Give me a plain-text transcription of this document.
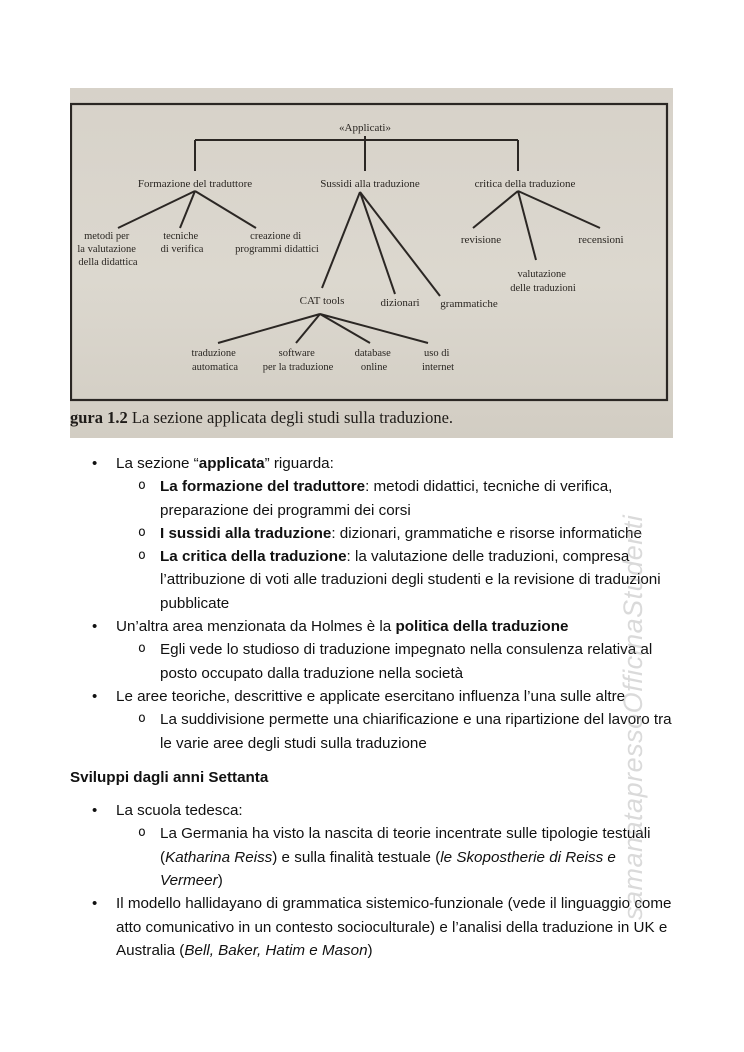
«Applicati»
Formazione del traduttore	Sussidi alla traduzione	critica della traduzione
metodi per la valutazione della didattica
tecniche di verifica
creazione di programmi didattici
CAT tools	dizionari grammatiche
revisione
valutazione delle traduzioni
recensioni
traduzione automatica
software per la traduzione
database online
uso di internet
gura 1.2 La sezione applicata degli studi sulla traduzione.
• La sezione “applicata” riguarda:
o La formazione del traduttore: metodi didattici, tecniche di verifica, preparazione dei programmi dei corsi
o I sussidi alla traduzione: dizionari, grammatiche e risorse informatiche
o La critica della traduzione: la valutazione delle traduzioni, compresa l’attribuzione di voti alle traduzioni degli studenti e la revisione di traduzioni pubblicate
• Un’altra area menzionata da Holmes è la politica della traduzione
o Egli vede lo studioso di traduzione impegnato nella consulenza relativa al posto occupato dalla traduzione nella società
• Le aree teoriche, descrittive e applicate esercitano influenza l’una sulle altre
o La suddivisione permette una chiarificazione e una ripartizione del lavoro tra le varie aree degli studi sulla traduzione
Sviluppi dagli anni Settanta
• La scuola tedesca:
o La Germania ha visto la nascita di teorie incentrate sulle tipologie testuali (Katharina Reiss) e sulla finalità testuale (le Skopostherie di Reiss e Vermeer)
• Il modello hallidayano di grammatica sistemico-funzionale (vede il linguaggio come atto comunicativo in un contesto socioculturale) e l’analisi della traduzione in UK e Australia (Bell, Baker, Hatim e Mason)
samanatapressoOfficinaStudenti
